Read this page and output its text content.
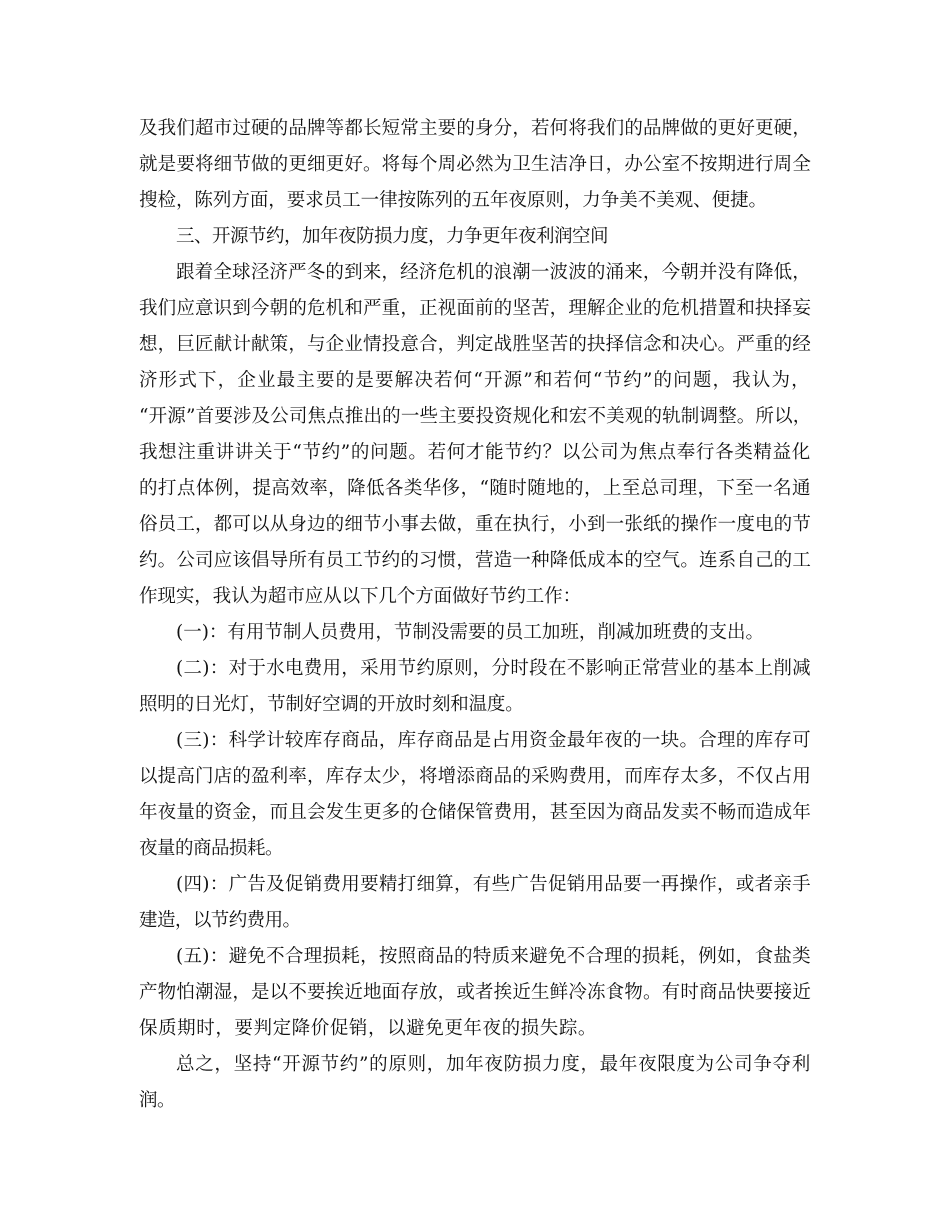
及我们超市过硬的品牌等都长短常主要的身分，若何将我们的品牌做的更好更硬，
就是要将细节做的更细更好。将每个周必然为卫生洁净日，办公室不按期进行周全
搜检，陈列方面，要求员工一律按陈列的五年夜原则，力争美不美观、便捷。
三、开源节约，加年夜防损力度，力争更年夜利润空间
跟着全球泾济严冬的到来，经济危机的浪潮一波波的涌来，今朝并没有降低，
我们应意识到今朝的危机和严重，正视面前的坚苦，理解企业的危机措置和抉择妄
想，巨匠献计献策，与企业情投意合，判定战胜坚苦的抉择信念和决心。严重的经
济形式下，企业最主要的是要解决若何“开源”和若何“节约”的问题，我认为，
“开源”首要涉及公司焦点推出的一些主要投资规化和宏不美观的轨制调整。所以，
我想注重讲讲关于“节约”的问题。若何才能节约？以公司为焦点奉行各类精益化
的打点体例，提高效率，降低各类华侈，“随时随地的，上至总司理，下至一名通
俗员工，都可以从身边的细节小事去做，重在执行，小到一张纸的操作一度电的节
约。公司应该倡导所有员工节约的习惯，营造一种降低成本的空气。连系自己的工
作现实，我认为超市应从以下几个方面做好节约工作：
(一)：有用节制人员费用，节制没需要的员工加班，削减加班费的支出。
(二)：对于水电费用，采用节约原则，分时段在不影响正常营业的基本上削减
照明的日光灯，节制好空调的开放时刻和温度。
(三)：科学计较库存商品，库存商品是占用资金最年夜的一块。合理的库存可
以提高门店的盈利率，库存太少，将增添商品的采购费用，而库存太多，不仅占用
年夜量的资金，而且会发生更多的仓储保管费用，甚至因为商品发卖不畅而造成年
夜量的商品损耗。
(四)：广告及促销费用要精打细算，有些广告促销用品要一再操作，或者亲手
建造，以节约费用。
(五)：避免不合理损耗，按照商品的特质来避免不合理的损耗，例如，食盐类
产物怕潮湿，是以不要挨近地面存放，或者挨近生鲜冷冻食物。有时商品快要接近
保质期时，要判定降价促销，以避免更年夜的损失踪。
总之，坚持“开源节约”的原则，加年夜防损力度，最年夜限度为公司争夺利
润。
